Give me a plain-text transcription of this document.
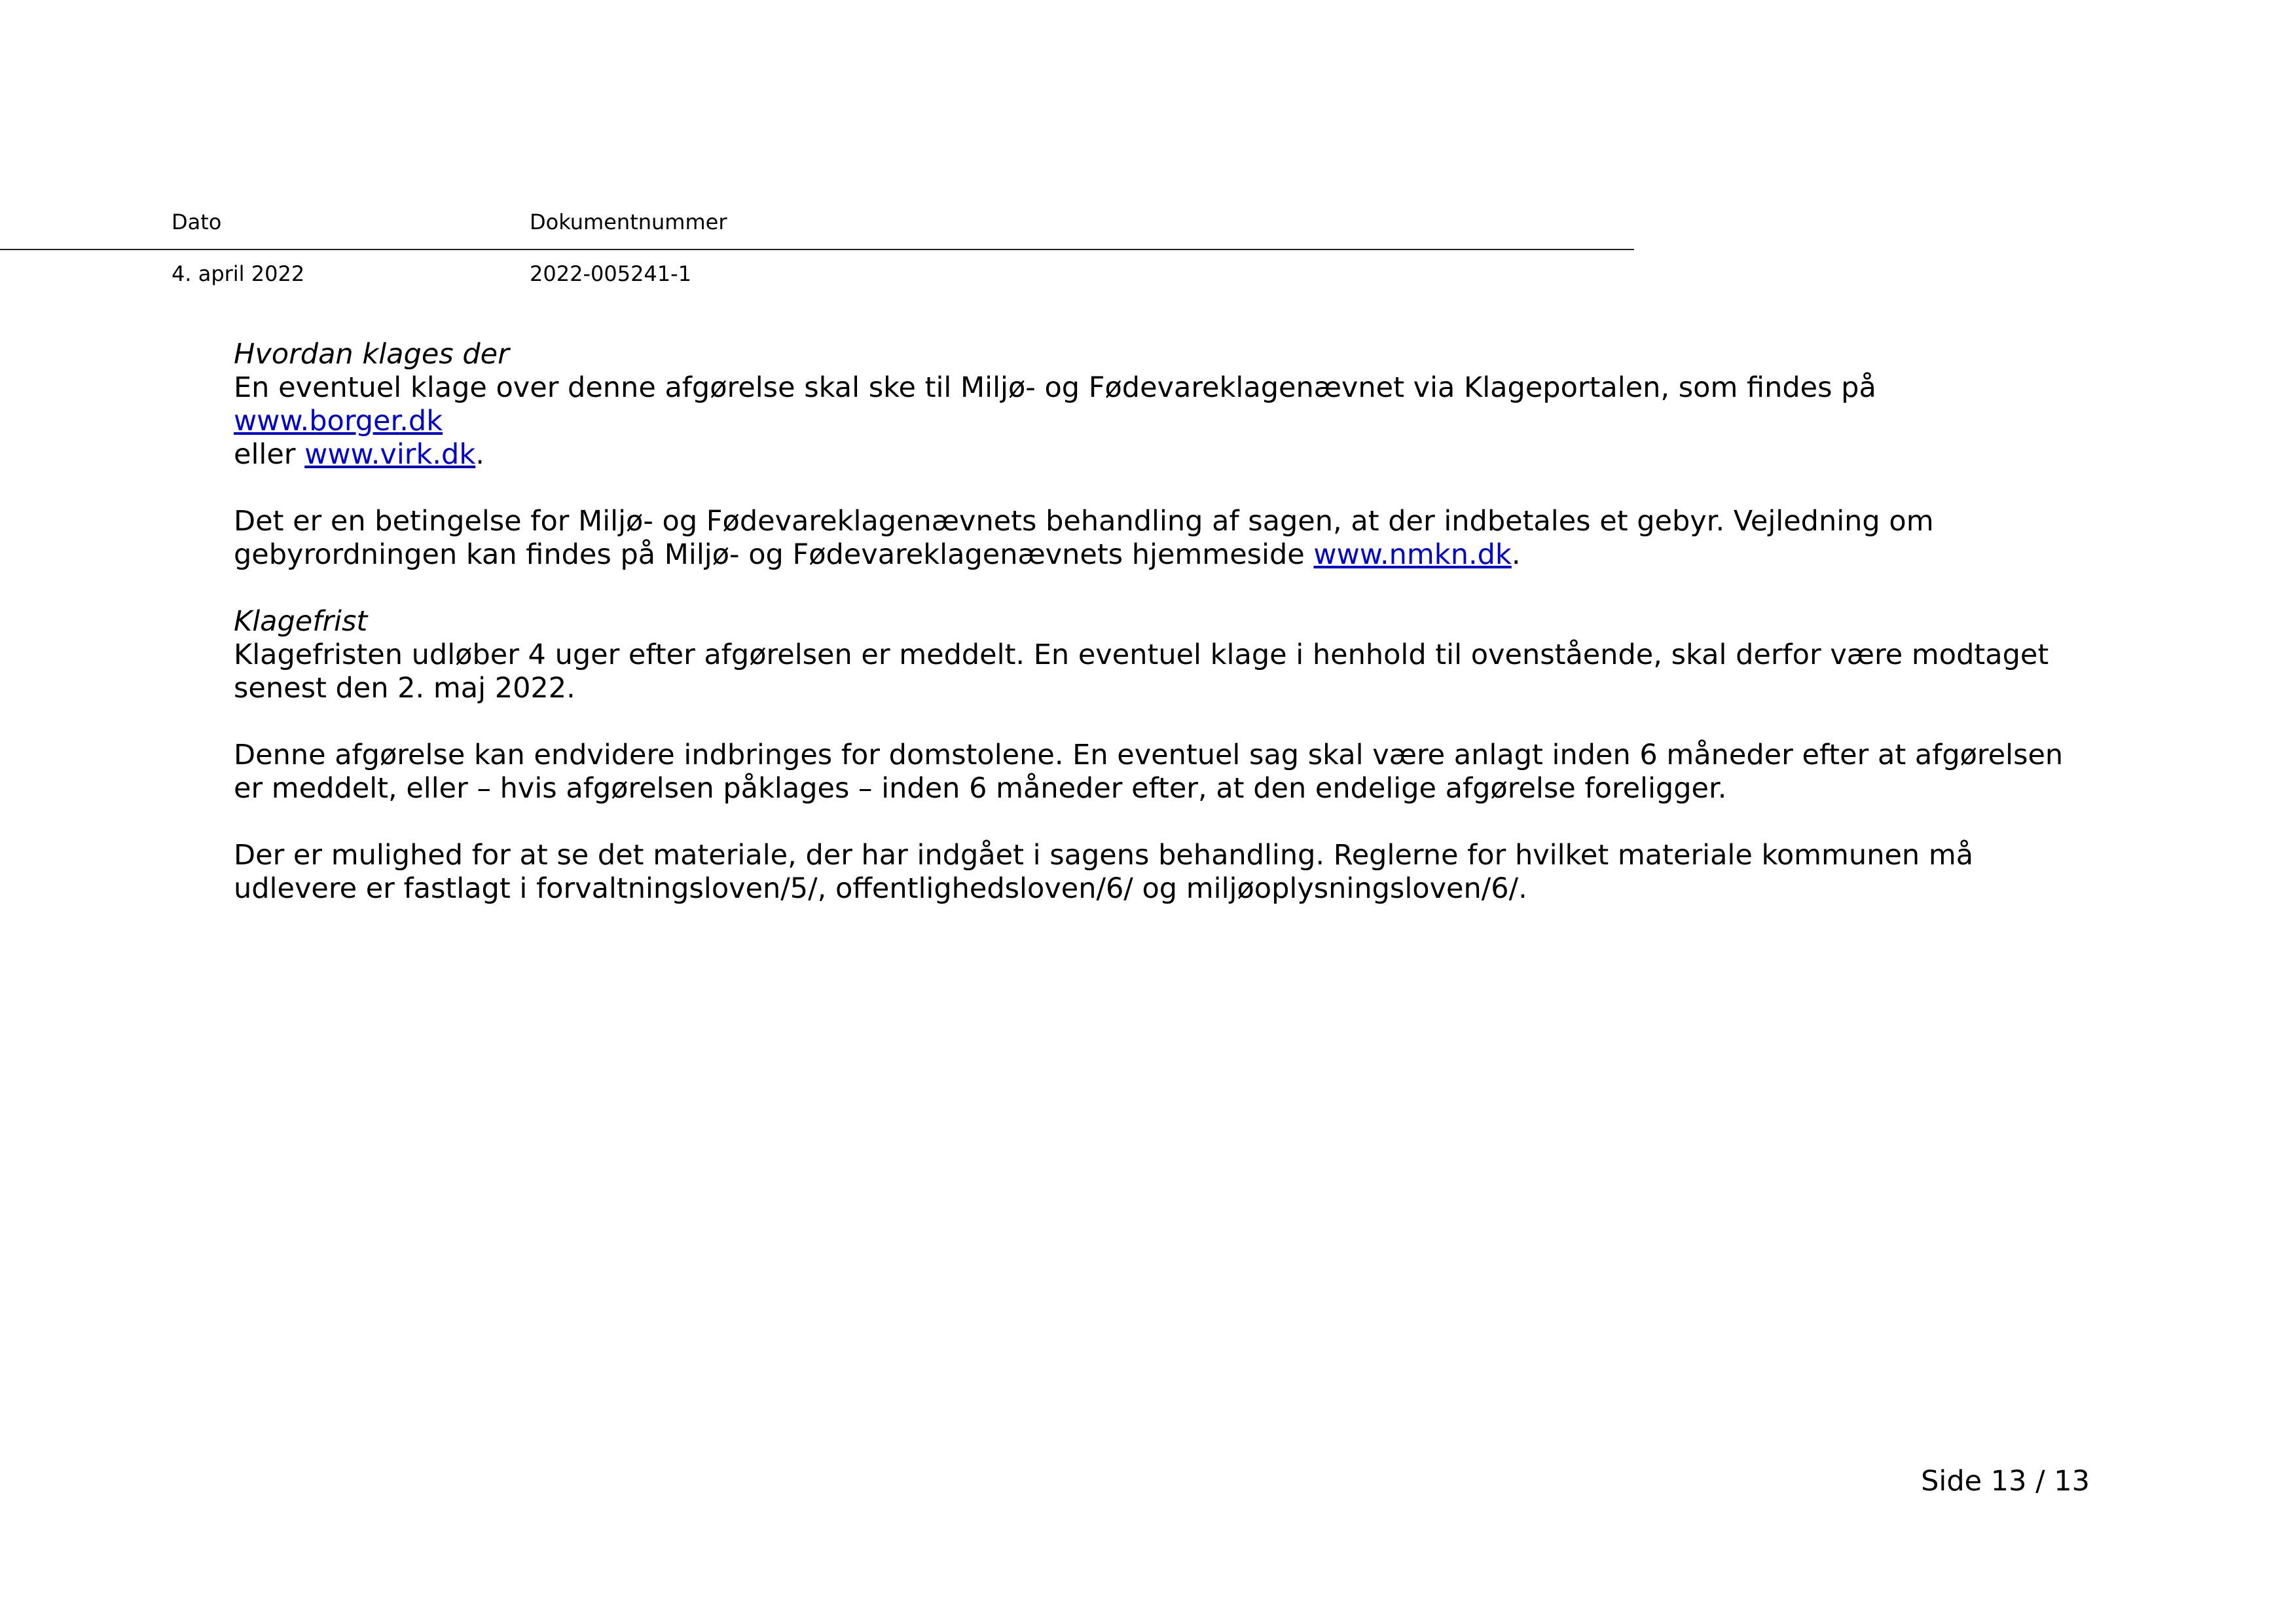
Dato	Dokumentnummer
4. april 2022	2022-005241-1

Hvordan klages der

En eventuel klage over denne afgørelse skal ske til Miljø- og Fødevareklagenævnet via Klageportalen, som findes på www.borger.dk
eller www.virk.dk.

Det er en betingelse for Miljø- og Fødevareklagenævnets behandling af sagen, at der indbetales et gebyr. Vejledning om gebyrordningen kan findes på Miljø- og Fødevareklagenævnets hjemmeside www.nmkn.dk.

Klagefrist

Klagefristen udløber 4 uger efter afgørelsen er meddelt. En eventuel klage i henhold til ovenstående, skal derfor være modtaget senest den 2. maj 2022.

Denne afgørelse kan endvidere indbringes for domstolene. En eventuel sag skal være anlagt inden 6 måneder efter at afgørelsen er meddelt, eller – hvis afgørelsen påklages – inden 6 måneder efter, at den endelige afgørelse foreligger.

Der er mulighed for at se det materiale, der har indgået i sagens behandling. Reglerne for hvilket materiale kommunen må udlevere er fastlagt i forvaltningsloven/5/, offentlighedsloven/6/ og miljøoplysningsloven/6/.

Side 13 / 13
